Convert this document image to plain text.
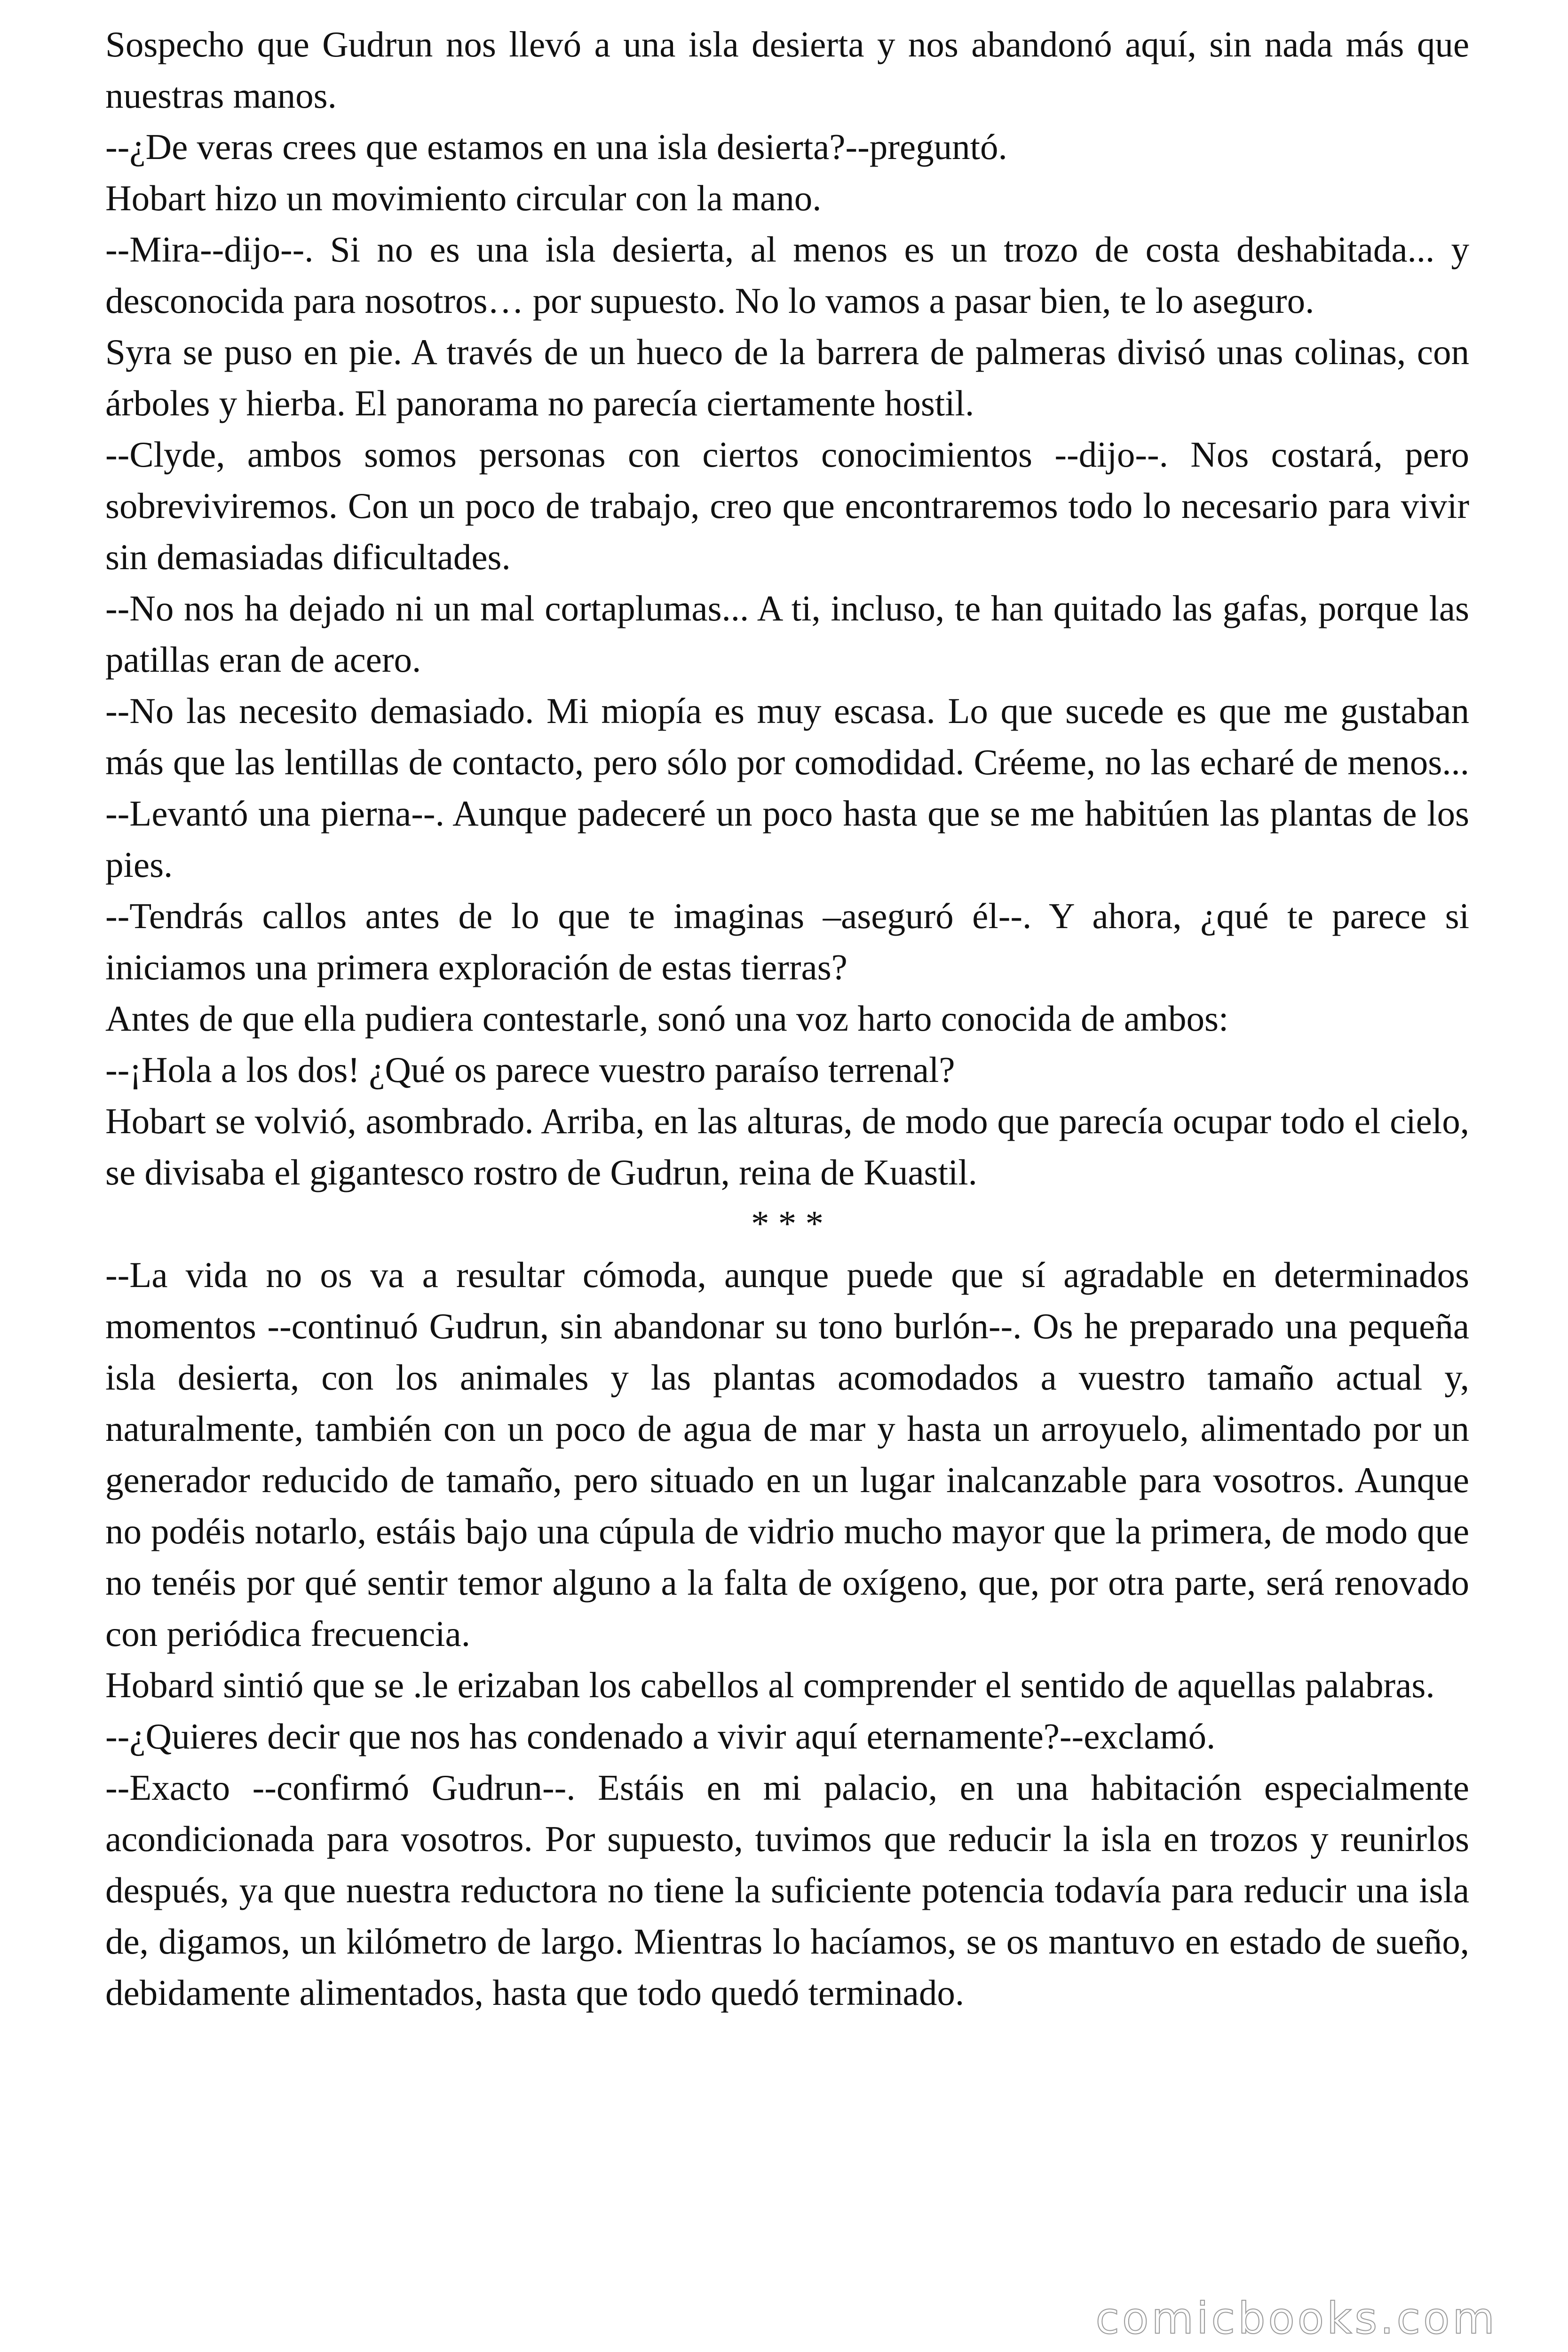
Sospecho que Gudrun nos llevó a una isla desierta y nos abandonó aquí, sin nada más que nuestras manos.

--¿De veras crees que estamos en una isla desierta?--preguntó.

Hobart hizo un movimiento circular con la mano.

--Mira--dijo--. Si no es una isla desierta, al menos es un trozo de costa deshabitada... y desconocida para nosotros… por supuesto. No lo vamos a pasar bien, te lo aseguro.

Syra se puso en pie. A través de un hueco de la barrera de palmeras divisó unas colinas, con árboles y hierba. El panorama no parecía ciertamente hostil.

--Clyde, ambos somos personas con ciertos conocimientos --dijo--. Nos costará, pero sobreviviremos. Con un poco de trabajo, creo que encontraremos todo lo necesario para vivir sin demasiadas dificultades.

--No nos ha dejado ni un mal cortaplumas... A ti, incluso, te han quitado las gafas, porque las patillas eran de acero.

--No las necesito demasiado. Mi miopía es muy escasa. Lo que sucede es que me gustaban más que las lentillas de contacto, pero sólo por comodidad. Créeme, no las echaré de menos... --Levantó una pierna--. Aunque padeceré un poco hasta que se me habitúen las plantas de los pies.

--Tendrás callos antes de lo que te imaginas –aseguró él--. Y ahora, ¿qué te parece si iniciamos una primera exploración de estas tierras?

Antes de que ella pudiera contestarle, sonó una voz harto conocida de ambos:

--¡Hola a los dos! ¿Qué os parece vuestro paraíso terrenal?

Hobart se volvió, asombrado. Arriba, en las alturas, de modo que parecía ocupar todo el cielo, se divisaba el gigantesco rostro de Gudrun, reina de Kuastil.

* * *

--La vida no os va a resultar cómoda, aunque puede que sí agradable en determinados momentos --continuó Gudrun, sin abandonar su tono burlón--. Os he preparado una pequeña isla desierta, con los animales y las plantas acomodados a vuestro tamaño actual y, naturalmente, también con un poco de agua de mar y hasta un arroyuelo, alimentado por un generador reducido de tamaño, pero situado en un lugar inalcanzable para vosotros. Aunque no podéis notarlo, estáis bajo una cúpula de vidrio mucho mayor que la primera, de modo que no tenéis por qué sentir temor alguno a la falta de oxígeno, que, por otra parte, será renovado con periódica frecuencia.

Hobard sintió que se .le erizaban los cabellos al comprender el sentido de aquellas palabras.

--¿Quieres decir que nos has condenado a vivir aquí eternamente?--exclamó.

--Exacto --confirmó Gudrun--. Estáis en mi palacio, en una habitación especialmente acondicionada para vosotros. Por supuesto, tuvimos que reducir la isla en trozos y reunirlos después, ya que nuestra reductora no tiene la suficiente potencia todavía para reducir una isla de, digamos, un kilómetro de largo. Mientras lo hacíamos, se os mantuvo en estado de sueño, debidamente alimentados, hasta que todo quedó terminado.

comicbooks.com
